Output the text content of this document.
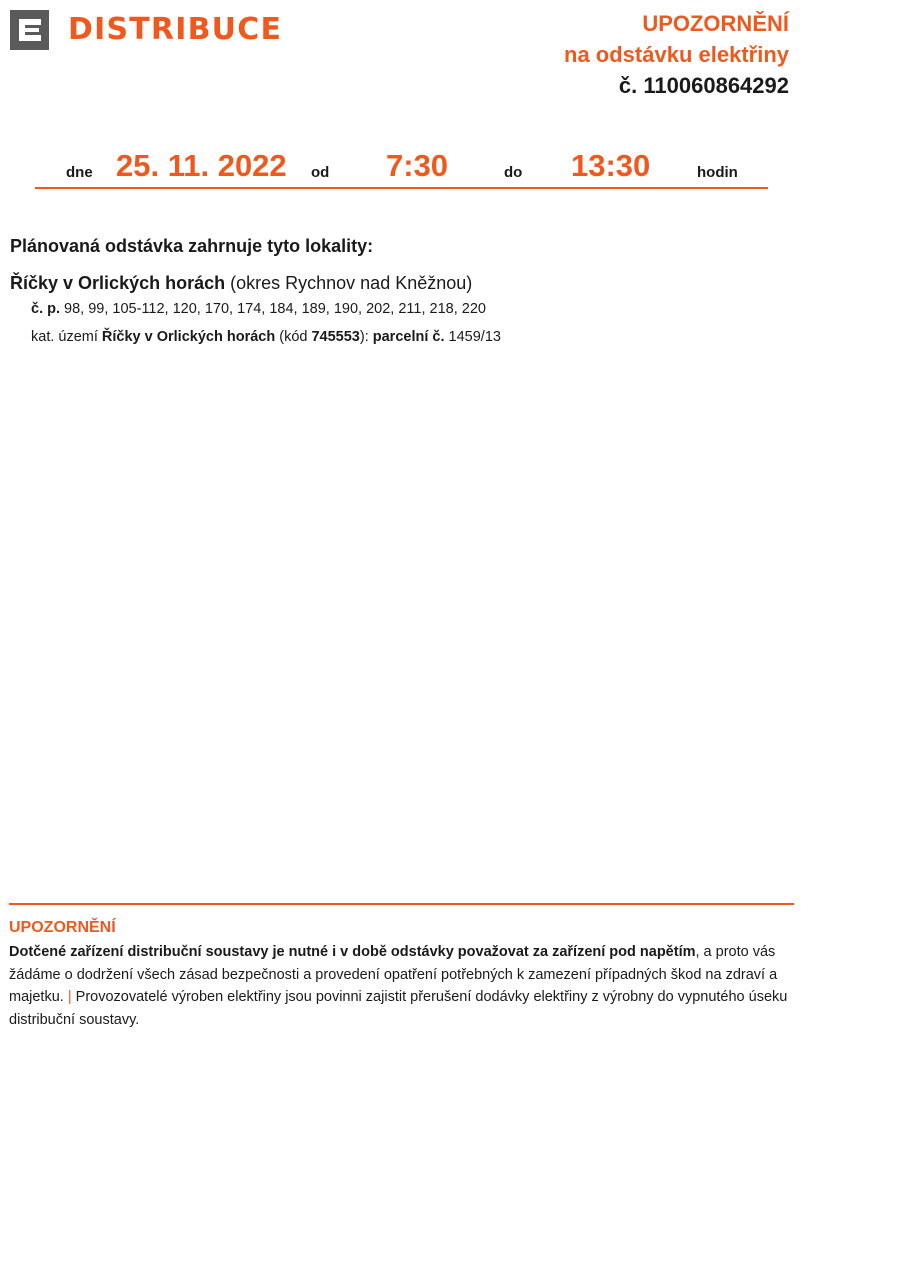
DISTRIBUCE	UPOZORNĚNÍ
na odstávku elektřiny
č. 110060864292
dne 25. 11. 2022 od 7:30	do 13:30	hodin
Plánovaná odstávka zahrnuje tyto lokality:
Říčky v Orlických horách (okres Rychnov nad Kněžnou)
č. p. 98, 99, 105-112, 120, 170, 174, 184, 189, 190, 202, 211, 218, 220
kat. území Říčky v Orlických horách (kód 745553): parcelní č. 1459/13
UPOZORNĚNÍ
Dotčené zařízení distribuční soustavy je nutné i v době odstávky považovat za zařízení pod napětím, a proto vás žádáme o dodržení všech zásad bezpečnosti a provedení opatření potřebných k zamezení případných škod na zdraví a majetku. | Provozovatelé výroben elektřiny jsou povinni zajistit přerušení dodávky elektřiny z výrobny do vypnutého úseku distribuční soustavy.
